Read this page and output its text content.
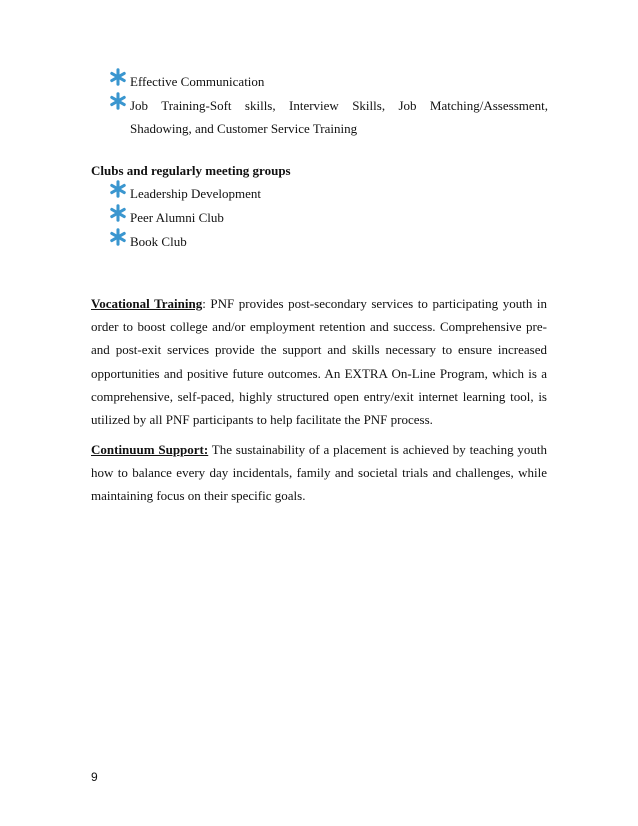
Effective Communication
Job Training-Soft skills, Interview Skills, Job Matching/Assessment, Shadowing, and Customer Service Training

Clubs and regularly meeting groups

Leadership Development
Peer Alumni Club
Book Club

Vocational Training: PNF provides post-secondary services to participating youth in order to boost college and/or employment retention and success. Comprehensive pre- and post-exit services provide the support and skills necessary to ensure increased opportunities and positive future outcomes. An EXTRA On-Line Program, which is a comprehensive, self-paced, highly structured open entry/exit internet learning tool, is utilized by all PNF participants to help facilitate the PNF process.

Continuum Support: The sustainability of a placement is achieved by teaching youth how to balance every day incidentals, family and societal trials and challenges, while maintaining focus on their specific goals.

9
